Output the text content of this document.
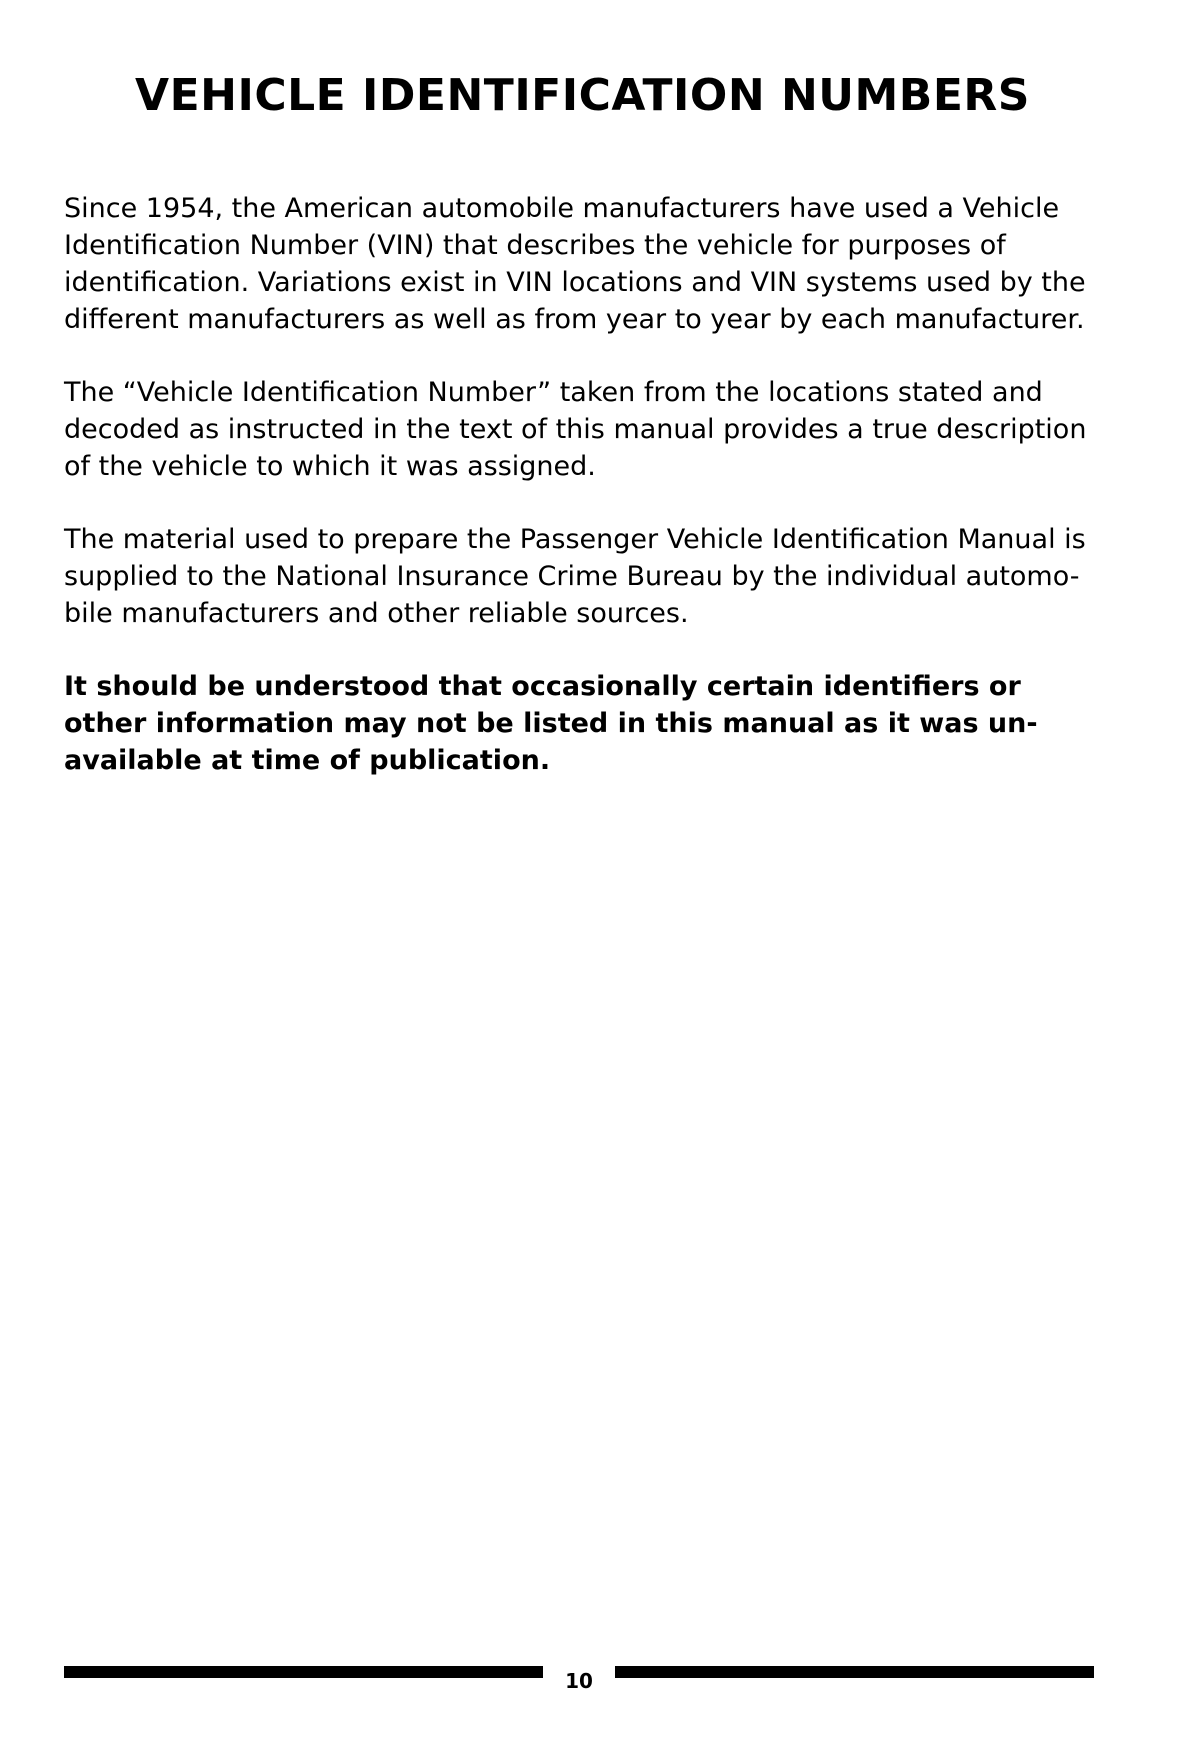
VEHICLE IDENTIFICATION NUMBERS

Since 1954, the American automobile manufacturers have used a Vehicle
Identification Number (VIN) that describes the vehicle for purposes of
identification. Variations exist in VIN locations and VIN systems used by the
different manufacturers as well as from year to year by each manufacturer.

The “Vehicle Identification Number” taken from the locations stated and
decoded as instructed in the text of this manual provides a true description
of the vehicle to which it was assigned.

The material used to prepare the Passenger Vehicle Identification Manual is
supplied to the National Insurance Crime Bureau by the individual automo-
bile manufacturers and other reliable sources.

It should be understood that occasionally certain identifiers or
other information may not be listed in this manual as it was un-
available at time of publication.

10
